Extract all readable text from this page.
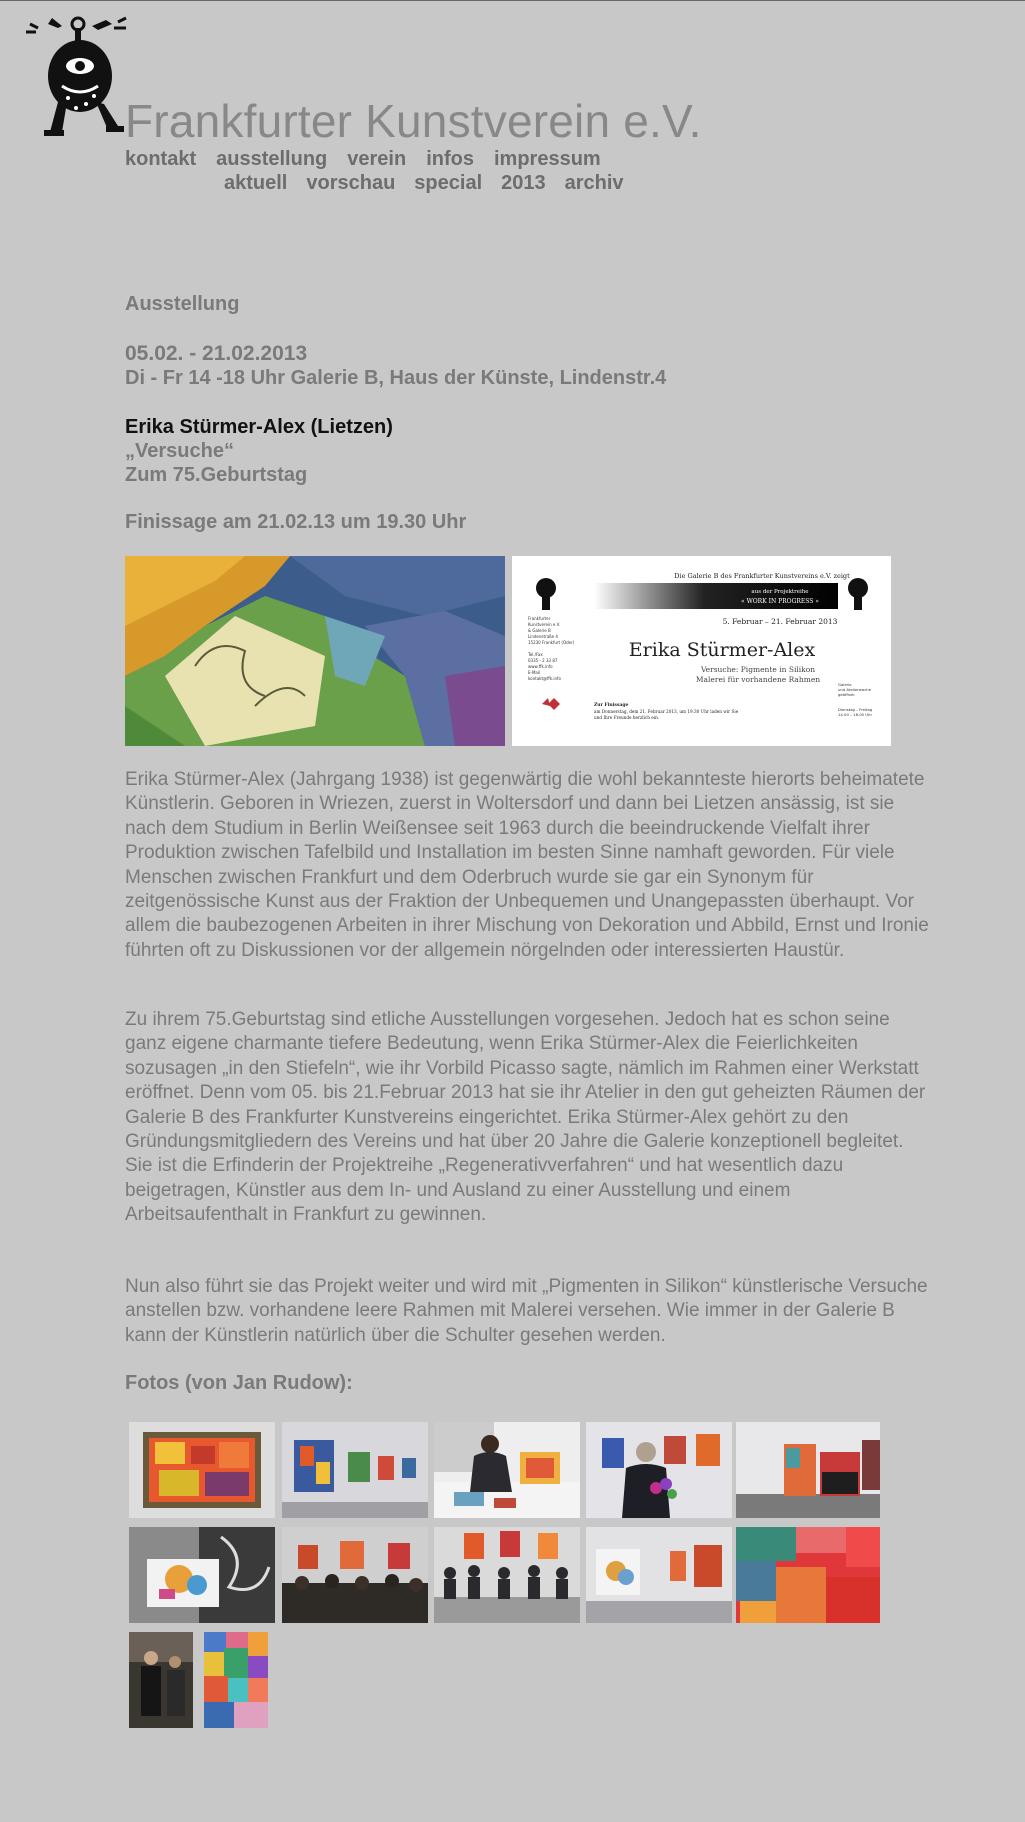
Frankfurter Kunstverein e.V.
kontakt ausstellung verein infos impressum
aktuell vorschau special 2013 archiv
Ausstellung
05.02. - 21.02.2013
Di - Fr 14 -18 Uhr Galerie B, Haus der Künste, Lindenstr.4
Erika Stürmer-Alex (Lietzen)
„Versuche“
Zum 75.Geburtstag
Finissage am 21.02.13 um 19.30 Uhr
Die Galerie B des Frankfurter Kunstvereins e.V. zeigt
aus der Projektreihe
« WORK IN PROGRESS »
5. Februar – 21. Februar 2013
Erika Stürmer-Alex
Versuche: Pigmente in Silikon
Malerei für vorhandene Rahmen
Frankfurter
Kunstverein e.V.
& Galerie B
Lindenstraße 4
15230 Frankfurt (Oder)
Tel./Fax
0335 - 2 33 87
www.ffk.info
E-Mail
kontakt@ffk.info
Zur Finissage
am Donnerstag, dem 21. Februar 2013, um 19.30 Uhr laden wir Sie
und Ihre Freunde herzlich ein.
Galerie
und Atelierwoche
geöffnet:
Dienstag – Freitag
14.00 – 18.00 Uhr

Erika Stürmer-Alex (Jahrgang 1938) ist gegenwärtig die wohl bekannteste hierorts beheimatete Künstlerin. Geboren in Wriezen, zuerst in Woltersdorf und dann bei Lietzen ansässig, ist sie nach dem Studium in Berlin Weißensee seit 1963 durch die beeindruckende Vielfalt ihrer Produktion zwischen Tafelbild und Installation im besten Sinne namhaft geworden. Für viele Menschen zwischen Frankfurt und dem Oderbruch wurde sie gar ein Synonym für zeitgenössische Kunst aus der Fraktion der Unbequemen und Unangepassten überhaupt. Vor allem die baubezogenen Arbeiten in ihrer Mischung von Dekoration und Abbild, Ernst und Ironie führten oft zu Diskussionen vor der allgemein nörgelnden oder interessierten Haustür.

Zu ihrem 75.Geburtstag sind etliche Ausstellungen vorgesehen. Jedoch hat es schon seine ganz eigene charmante tiefere Bedeutung, wenn Erika Stürmer-Alex die Feierlichkeiten sozusagen „in den Stiefeln“, wie ihr Vorbild Picasso sagte, nämlich im Rahmen einer Werkstatt eröffnet. Denn vom 05. bis 21.Februar 2013 hat sie ihr Atelier in den gut geheizten Räumen der Galerie B des Frankfurter Kunstvereins eingerichtet. Erika Stürmer-Alex gehört zu den Gründungsmitgliedern des Vereins und hat über 20 Jahre die Galerie konzeptionell begleitet. Sie ist die Erfinderin der Projektreihe „Regenerativverfahren“ und hat wesentlich dazu beigetragen, Künstler aus dem In- und Ausland zu einer Ausstellung und einem Arbeitsaufenthalt in Frankfurt zu gewinnen.

Nun also führt sie das Projekt weiter und wird mit „Pigmenten in Silikon“ künstlerische Versuche anstellen bzw. vorhandene leere Rahmen mit Malerei versehen. Wie immer in der Galerie B kann der Künstlerin natürlich über die Schulter gesehen werden.

Fotos (von Jan Rudow):
